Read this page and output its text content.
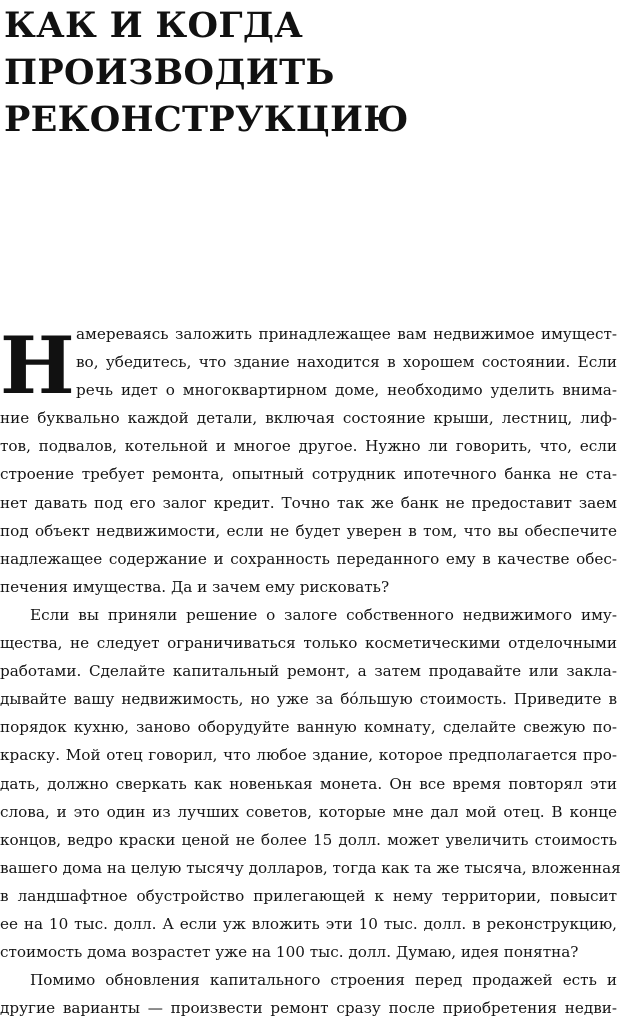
КАК И КОГДА
ПРОИЗВОДИТЬ
РЕКОНСТРУКЦИЮ
Н амереваясь заложить принадлежащее вам недвижимое имущест-
во, убедитесь, что здание находится в хорошем состоянии. Если
речь идет о многоквартирном доме, необходимо уделить внима-
ние буквально каждой детали, включая состояние крыши, лестниц, лиф-
тов, подвалов, котельной и многое другое. Нужно ли говорить, что, если
строение требует ремонта, опытный сотрудник ипотечного банка не ста-
нет давать под его залог кредит. Точно так же банк не предоставит заем
под объект недвижимости, если не будет уверен в том, что вы обеспечите
надлежащее содержание и сохранность переданного ему в качестве обес-
печения имущества. Да и зачем ему рисковать?
Если вы приняли решение о залоге собственного недвижимого иму-
щества, не следует ограничиваться только косметическими отделочными
работами. Сделайте капитальный ремонт, а затем продавайте или закла-
дывайте вашу недвижимость, но уже за бóльшую стоимость. Приведите в
порядок кухню, заново оборудуйте ванную комнату, сделайте свежую по-
краску. Мой отец говорил, что любое здание, которое предполагается про-
дать, должно сверкать как новенькая монета. Он все время повторял эти
слова, и это один из лучших советов, которые мне дал мой отец. В конце
концов, ведро краски ценой не более 15 долл. может увеличить стоимость
вашего дома на целую тысячу долларов, тогда как та же тысяча, вложенная
в ландшафтное обустройство прилегающей к нему территории, повысит
ее на 10 тыс. долл. А если уж вложить эти 10 тыс. долл. в реконструкцию,
стоимость дома возрастет уже на 100 тыс. долл. Думаю, идея понятна?
Помимо обновления капитального строения перед продажей есть и
другие варианты — произвести ремонт сразу после приобретения недви-
